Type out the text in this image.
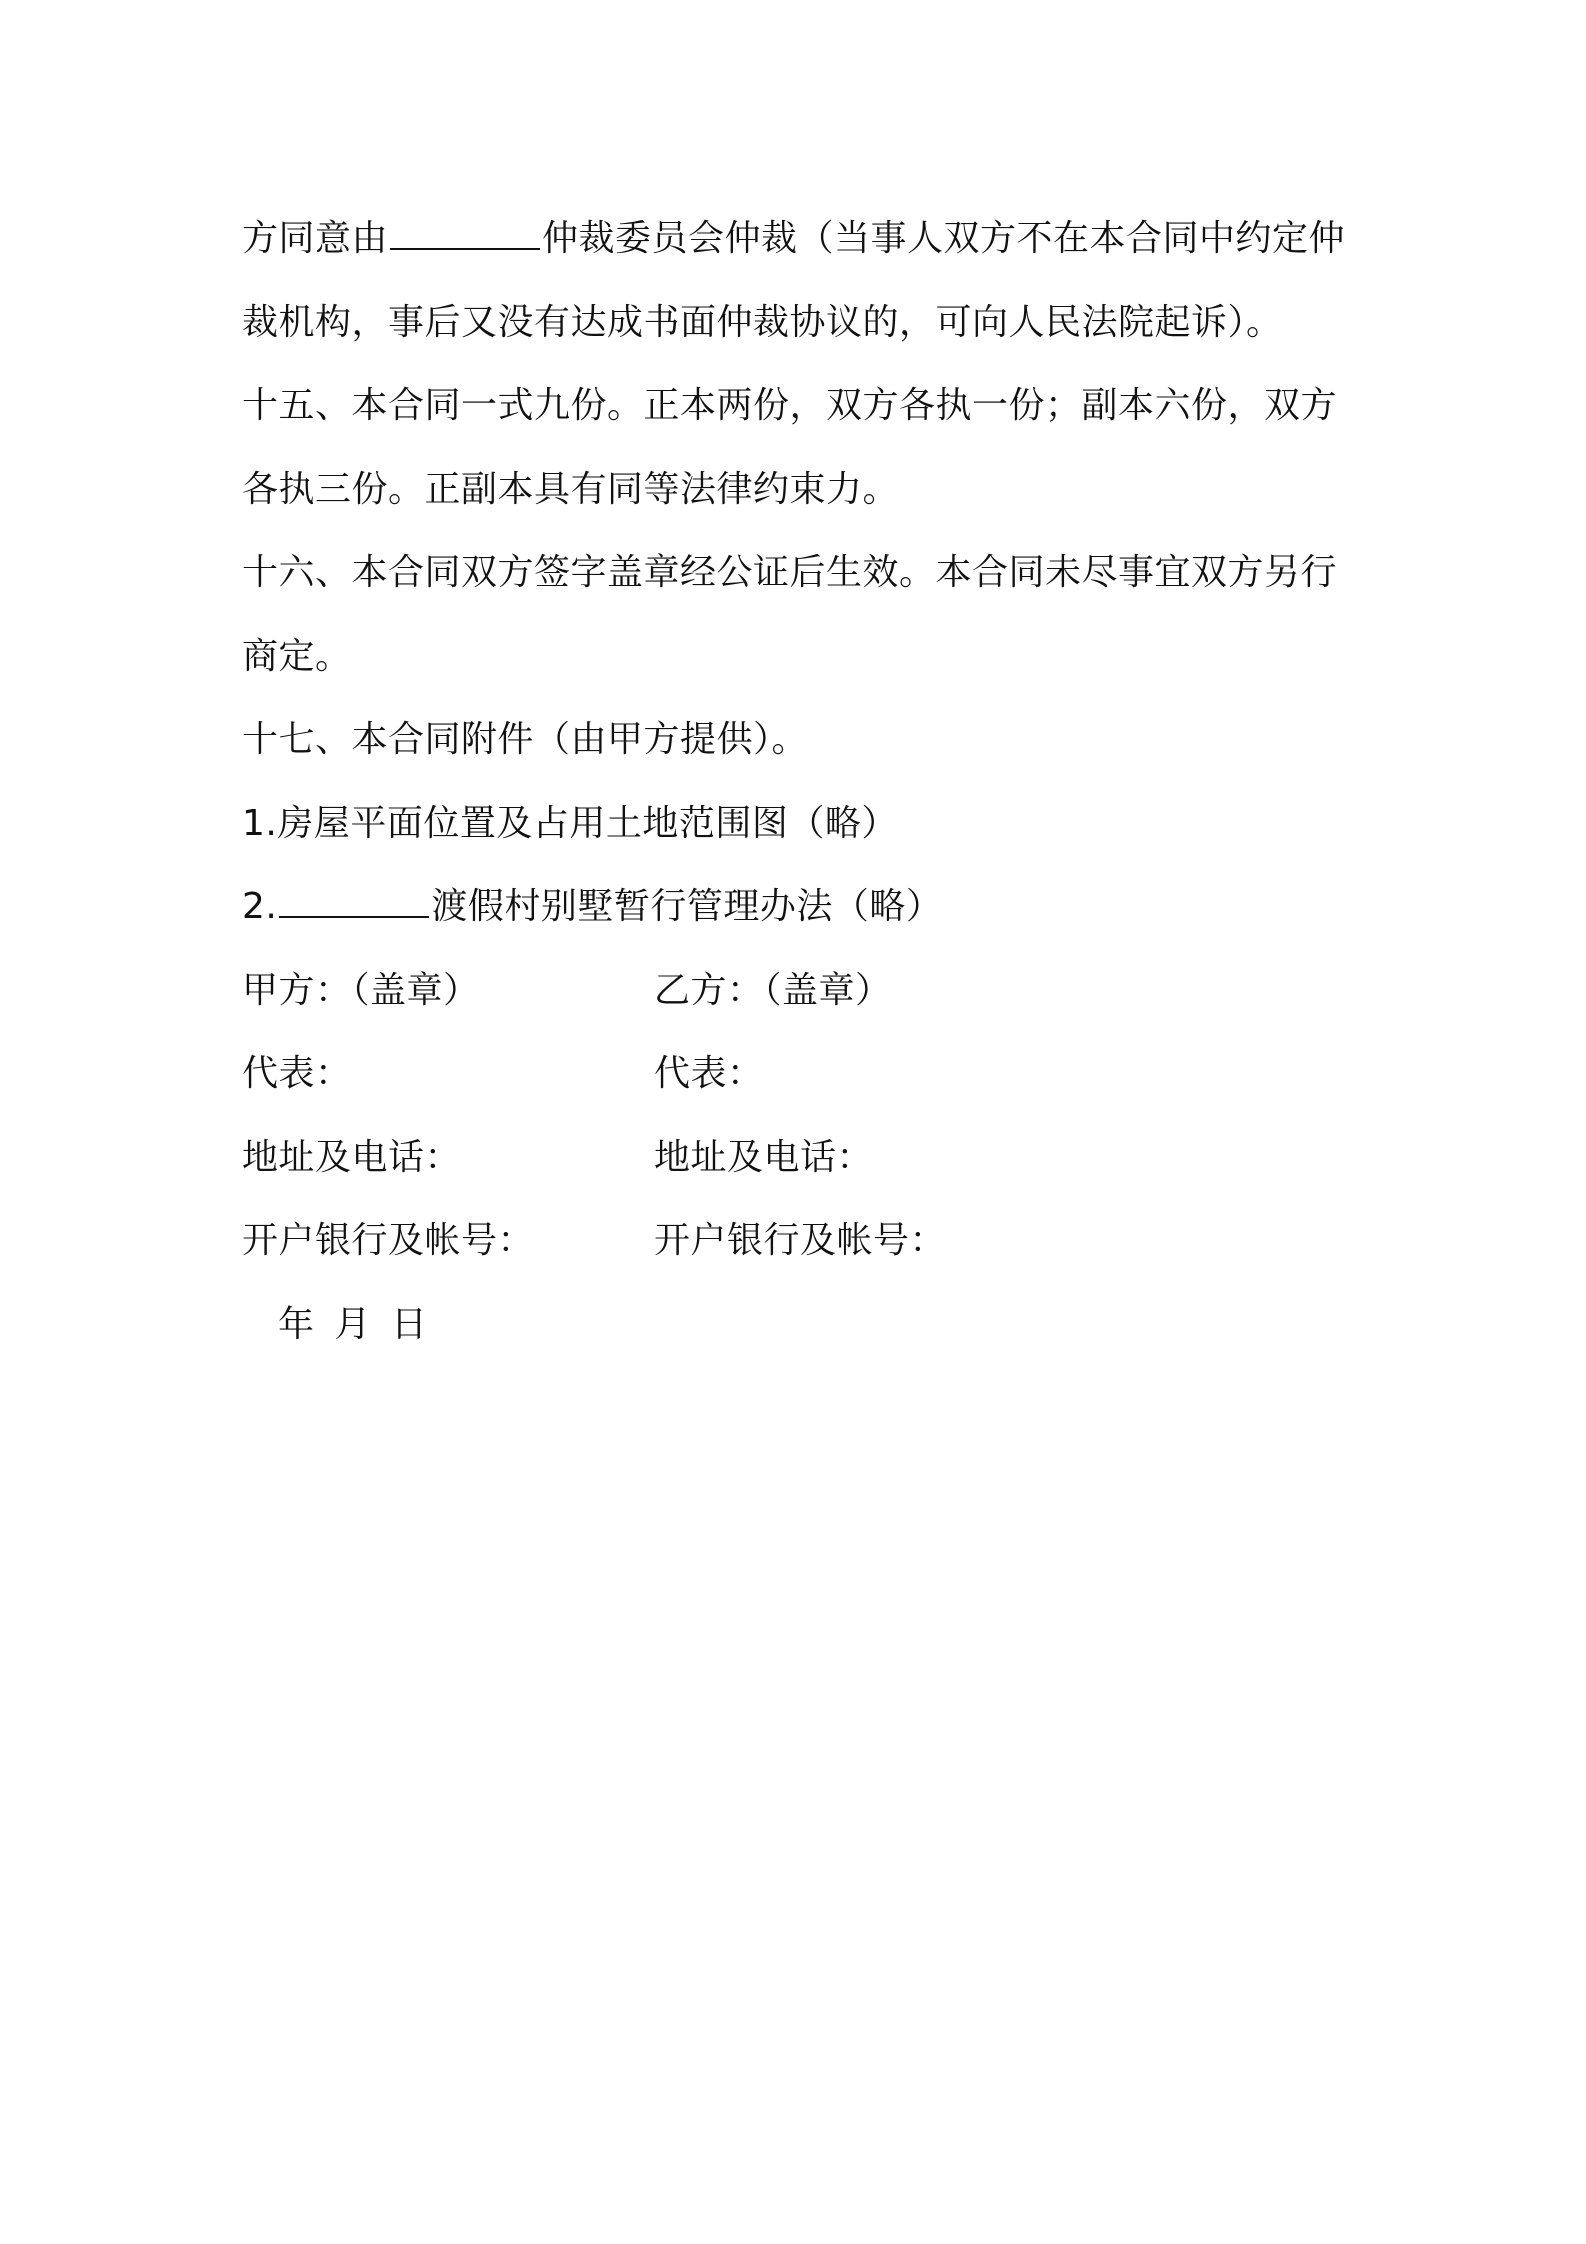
方同意由	仲裁委员会仲裁（当事人双方不在本合同中约定仲
裁机构，事后又没有达成书面仲裁协议的，可向人民法院起诉）。
十五、本合同一式九份。正本两份，双方各执一份；副本六份，双方
各执三份。正副本具有同等法律约束力。
十六、本合同双方签字盖章经公证后生效。本合同未尽事宜双方另行
商定。
十七、本合同附件（由甲方提供）。
1.房屋平面位置及占用土地范围图（略）
2.	渡假村别墅暂行管理办法（略）
甲方：（盖章）	乙方：（盖章）
代表：	代表：
地址及电话：	地址及电话：
开户银行及帐号：	开户银行及帐号：
年 月 日
